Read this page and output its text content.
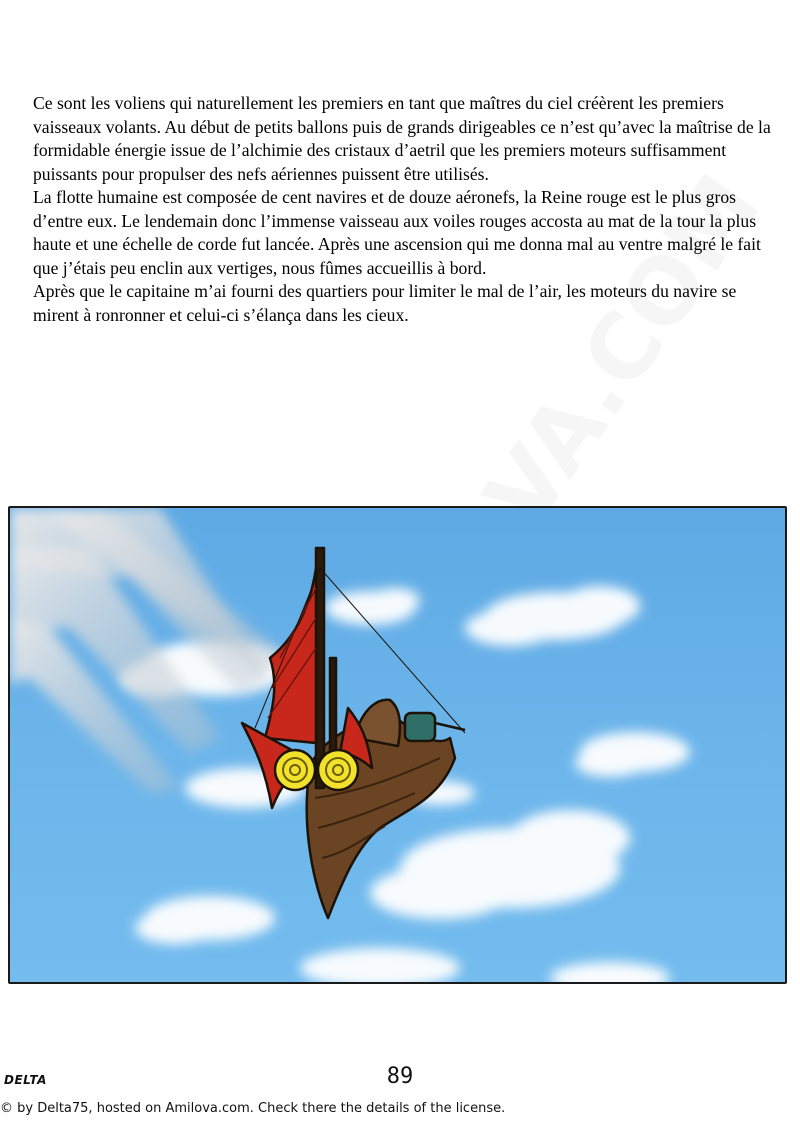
Ce sont les voliens qui naturellement les premiers en tant que maîtres du ciel créèrent les premiers vaisseaux volants. Au début de petits ballons puis de grands dirigeables ce n’est qu’avec la maîtrise de la formidable énergie issue de l’alchimie des cristaux d’aetril que les premiers moteurs suffisamment puissants pour propulser des nefs aériennes puissent être utilisés.

La flotte humaine est composée de cent navires et de douze aéronefs, la Reine rouge est le plus gros d’entre eux. Le lendemain donc l’immense vaisseau aux voiles rouges accosta au mat de la tour la plus haute et une échelle de corde fut lancée. Après une ascension qui me donna mal au ventre malgré le fait que j’étais peu enclin aux vertiges, nous fûmes accueillis à bord.

Après que le capitaine m’ai fourni des quartiers pour limiter le mal de l’air, les moteurs du navire se mirent à ronronner et celui-ci s’élança dans les cieux.

89
DELTA
© by Delta75, hosted on Amilova.com. Check there the details of the license.
